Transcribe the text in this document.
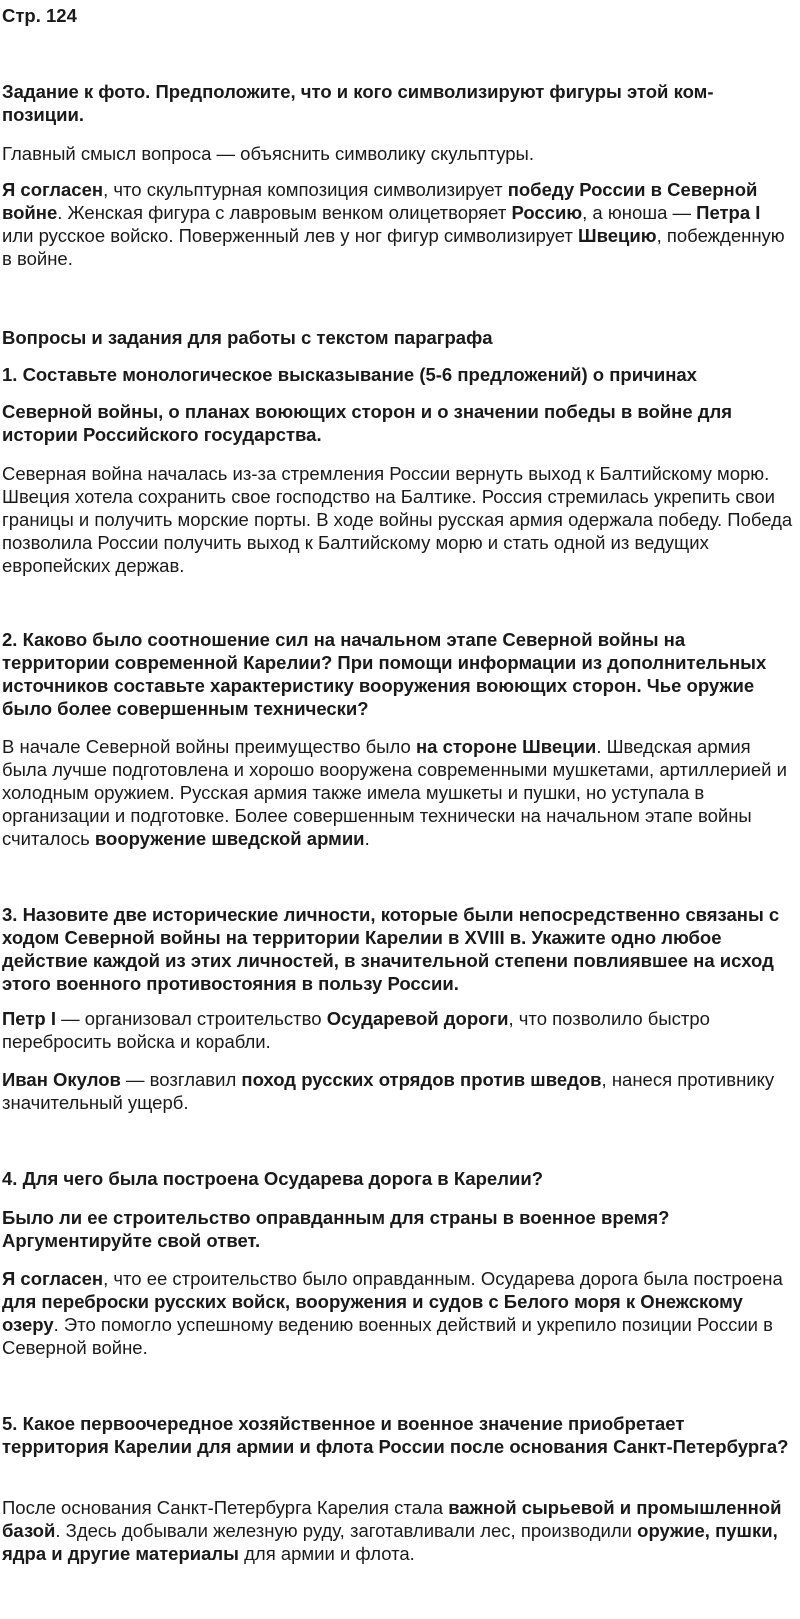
Стр. 124

Задание к фото. Предположите, что и кого символизируют фигуры этой ком-позиции.

Главный смысл вопроса — объяснить символику скульптуры.

Я согласен, что скульптурная композиция символизирует победу России в Северной войне. Женская фигура с лавровым венком олицетворяет Россию, а юноша — Петра I или русское войско. Поверженный лев у ног фигур символизирует Швецию, побежденную в войне.

Вопросы и задания для работы с текстом параграфа

1. Составьте монологическое высказывание (5-6 предложений) о причинах

Северной войны, о планах воюющих сторон и о значении победы в войне для истории Российского государства.

Северная война началась из-за стремления России вернуть выход к Балтийскому морю. Швеция хотела сохранить свое господство на Балтике. Россия стремилась укрепить свои границы и получить морские порты. В ходе войны русская армия одержала победу. Победа позволила России получить выход к Балтийскому морю и стать одной из ведущих европейских держав.

2. Каково было соотношение сил на начальном этапе Северной войны на территории современной Карелии? При помощи информации из дополнительных источников составьте характеристику вооружения воюющих сторон. Чье оружие было более совершенным технически?

В начале Северной войны преимущество было на стороне Швеции. Шведская армия была лучше подготовлена и хорошо вооружена современными мушкетами, артиллерией и холодным оружием. Русская армия также имела мушкеты и пушки, но уступала в организации и подготовке. Более совершенным технически на начальном этапе войны считалось вооружение шведской армии.

3. Назовите две исторические личности, которые были непосредственно связаны с ходом Северной войны на территории Карелии в XVIII в. Укажите одно любое действие каждой из этих личностей, в значительной степени повлиявшее на исход этого военного противостояния в пользу России.

Петр I — организовал строительство Осударевой дороги, что позволило быстро перебросить войска и корабли.

Иван Окулов — возглавил поход русских отрядов против шведов, нанеся противнику значительный ущерб.

4. Для чего была построена Осударева дорога в Карелии?

Было ли ее строительство оправданным для страны в военное время? Аргументируйте свой ответ.

Я согласен, что ее строительство было оправданным. Осударева дорога была построена для переброски русских войск, вооружения и судов с Белого моря к Онежскому озеру. Это помогло успешному ведению военных действий и укрепило позиции России в Северной войне.

5. Какое первоочередное хозяйственное и военное значение приобретает территория Карелии для армии и флота России после основания Санкт-Петербурга?

После основания Санкт-Петербурга Карелия стала важной сырьевой и промышленной базой. Здесь добывали железную руду, заготавливали лес, производили оружие, пушки, ядра и другие материалы для армии и флота.
